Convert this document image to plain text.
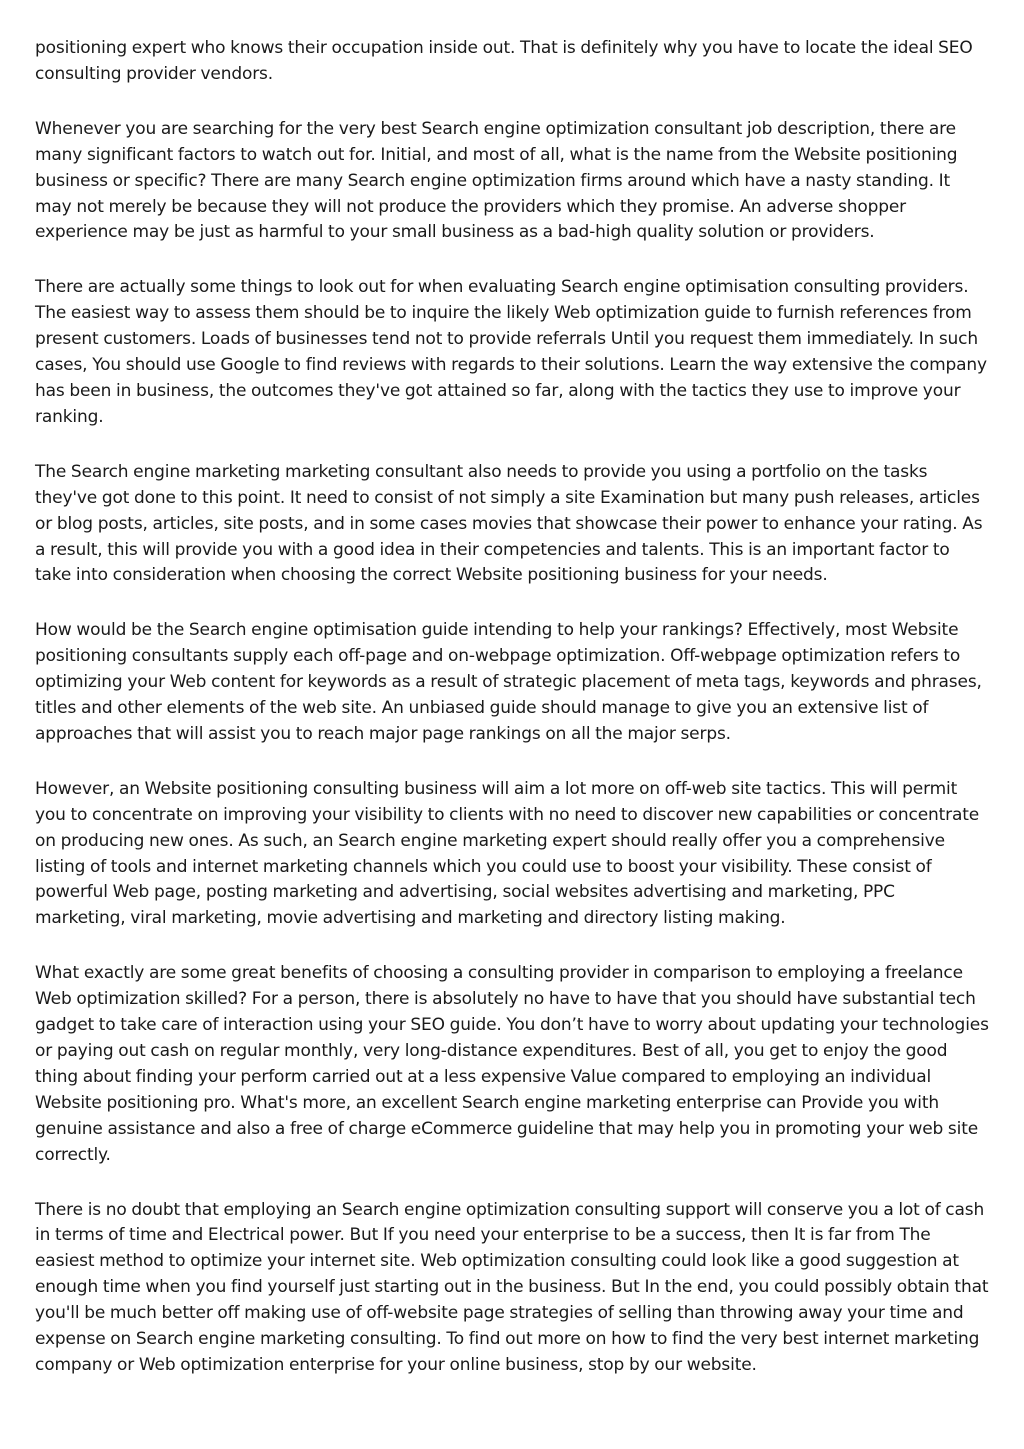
positioning expert who knows their occupation inside out. That is definitely why you have to locate the ideal SEO consulting provider vendors.

Whenever you are searching for the very best Search engine optimization consultant job description, there are many significant factors to watch out for. Initial, and most of all, what is the name from the Website positioning business or specific? There are many Search engine optimization firms around which have a nasty standing. It may not merely be because they will not produce the providers which they promise. An adverse shopper experience may be just as harmful to your small business as a bad-high quality solution or providers.

There are actually some things to look out for when evaluating Search engine optimisation consulting providers. The easiest way to assess them should be to inquire the likely Web optimization guide to furnish references from present customers. Loads of businesses tend not to provide referrals Until you request them immediately. In such cases, You should use Google to find reviews with regards to their solutions. Learn the way extensive the company has been in business, the outcomes they've got attained so far, along with the tactics they use to improve your ranking.

The Search engine marketing marketing consultant also needs to provide you using a portfolio on the tasks they've got done to this point. It need to consist of not simply a site Examination but many push releases, articles or blog posts, articles, site posts, and in some cases movies that showcase their power to enhance your rating. As a result, this will provide you with a good idea in their competencies and talents. This is an important factor to take into consideration when choosing the correct Website positioning business for your needs.

How would be the Search engine optimisation guide intending to help your rankings? Effectively, most Website positioning consultants supply each off-page and on-webpage optimization. Off-webpage optimization refers to optimizing your Web content for keywords as a result of strategic placement of meta tags, keywords and phrases, titles and other elements of the web site. An unbiased guide should manage to give you an extensive list of approaches that will assist you to reach major page rankings on all the major serps.

However, an Website positioning consulting business will aim a lot more on off-web site tactics. This will permit you to concentrate on improving your visibility to clients with no need to discover new capabilities or concentrate on producing new ones. As such, an Search engine marketing expert should really offer you a comprehensive listing of tools and internet marketing channels which you could use to boost your visibility. These consist of powerful Web page, posting marketing and advertising, social websites advertising and marketing, PPC marketing, viral marketing, movie advertising and marketing and directory listing making.

What exactly are some great benefits of choosing a consulting provider in comparison to employing a freelance Web optimization skilled? For a person, there is absolutely no have to have that you should have substantial tech gadget to take care of interaction using your SEO guide. You don’t have to worry about updating your technologies or paying out cash on regular monthly, very long-distance expenditures. Best of all, you get to enjoy the good thing about finding your perform carried out at a less expensive Value compared to employing an individual Website positioning pro. What's more, an excellent Search engine marketing enterprise can Provide you with genuine assistance and also a free of charge eCommerce guideline that may help you in promoting your web site correctly.

There is no doubt that employing an Search engine optimization consulting support will conserve you a lot of cash in terms of time and Electrical power. But If you need your enterprise to be a success, then It is far from The easiest method to optimize your internet site. Web optimization consulting could look like a good suggestion at enough time when you find yourself just starting out in the business. But In the end, you could possibly obtain that you'll be much better off making use of off-website page strategies of selling than throwing away your time and expense on Search engine marketing consulting. To find out more on how to find the very best internet marketing company or Web optimization enterprise for your online business, stop by our website.
